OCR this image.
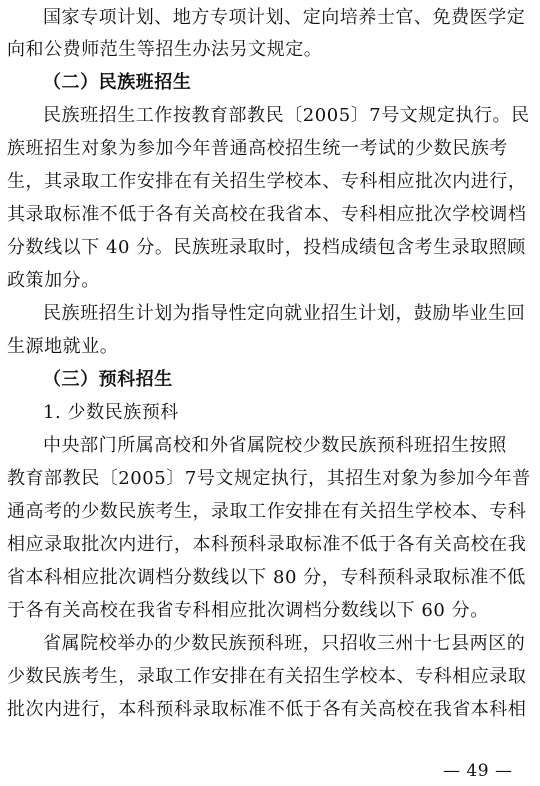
国家专项计划、地方专项计划、定向培养士官、免费医学定
向和公费师范生等招生办法另文规定。
（二）民族班招生
民族班招生工作按教育部教民〔2005〕7号文规定执行。民
族班招生对象为参加今年普通高校招生统一考试的少数民族考
生，其录取工作安排在有关招生学校本、专科相应批次内进行，
其录取标准不低于各有关高校在我省本、专科相应批次学校调档
分数线以下 40 分。民族班录取时，投档成绩包含考生录取照顾
政策加分。
民族班招生计划为指导性定向就业招生计划，鼓励毕业生回
生源地就业。
（三）预科招生
1. 少数民族预科
中央部门所属高校和外省属院校少数民族预科班招生按照
教育部教民〔2005〕7号文规定执行，其招生对象为参加今年普
通高考的少数民族考生，录取工作安排在有关招生学校本、专科
相应录取批次内进行，本科预科录取标准不低于各有关高校在我
省本科相应批次调档分数线以下 80 分，专科预科录取标准不低
于各有关高校在我省专科相应批次调档分数线以下 60 分。
省属院校举办的少数民族预科班，只招收三州十七县两区的
少数民族考生，录取工作安排在有关招生学校本、专科相应录取
批次内进行，本科预科录取标准不低于各有关高校在我省本科相
— 49 —
